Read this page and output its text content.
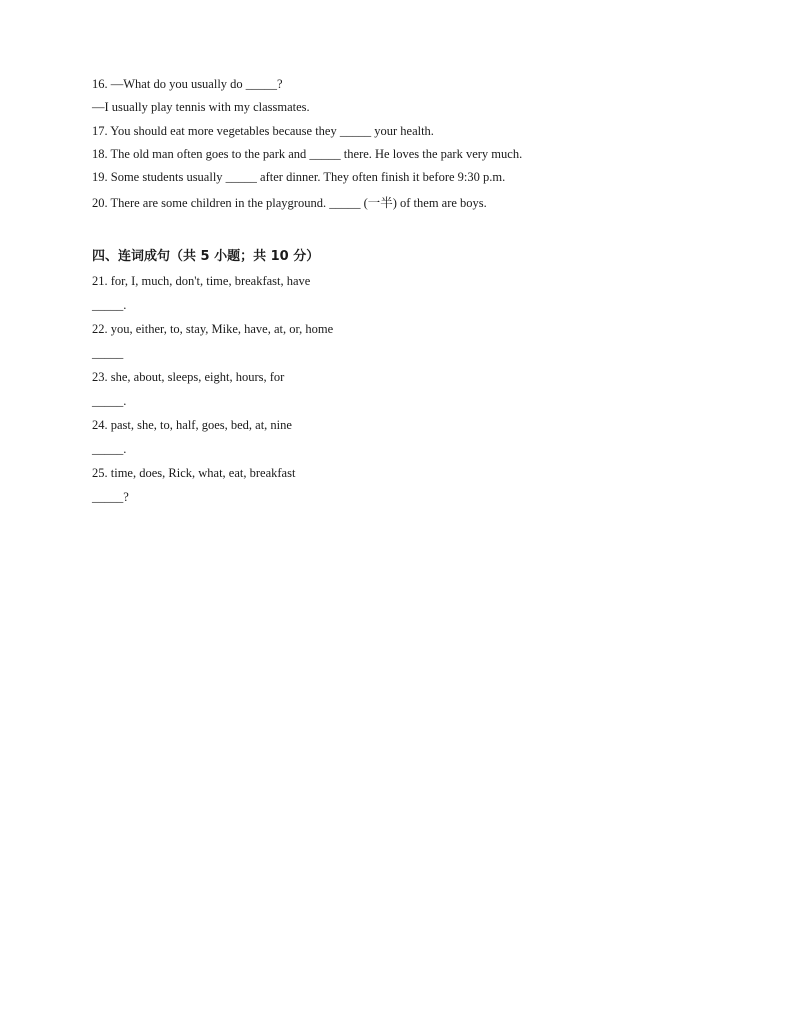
16. —What do you usually do _____?
—I usually play tennis with my classmates.
17. You should eat more vegetables because they _____ your health.
18. The old man often goes to the park and _____ there. He loves the park very much.
19. Some students usually _____ after dinner. They often finish it before 9:30 p.m.
20. There are some children in the playground. _____ (一半) of them are boys.
四、连词成句（共 5 小题；共 10 分）
21. for, I, much, don't, time, breakfast, have
_____.
22. you, either, to, stay, Mike, have, at, or, home
_____
23. she, about, sleeps, eight, hours, for
_____.
24. past, she, to, half, goes, bed, at, nine
_____.
25. time, does, Rick, what, eat, breakfast
_____?
